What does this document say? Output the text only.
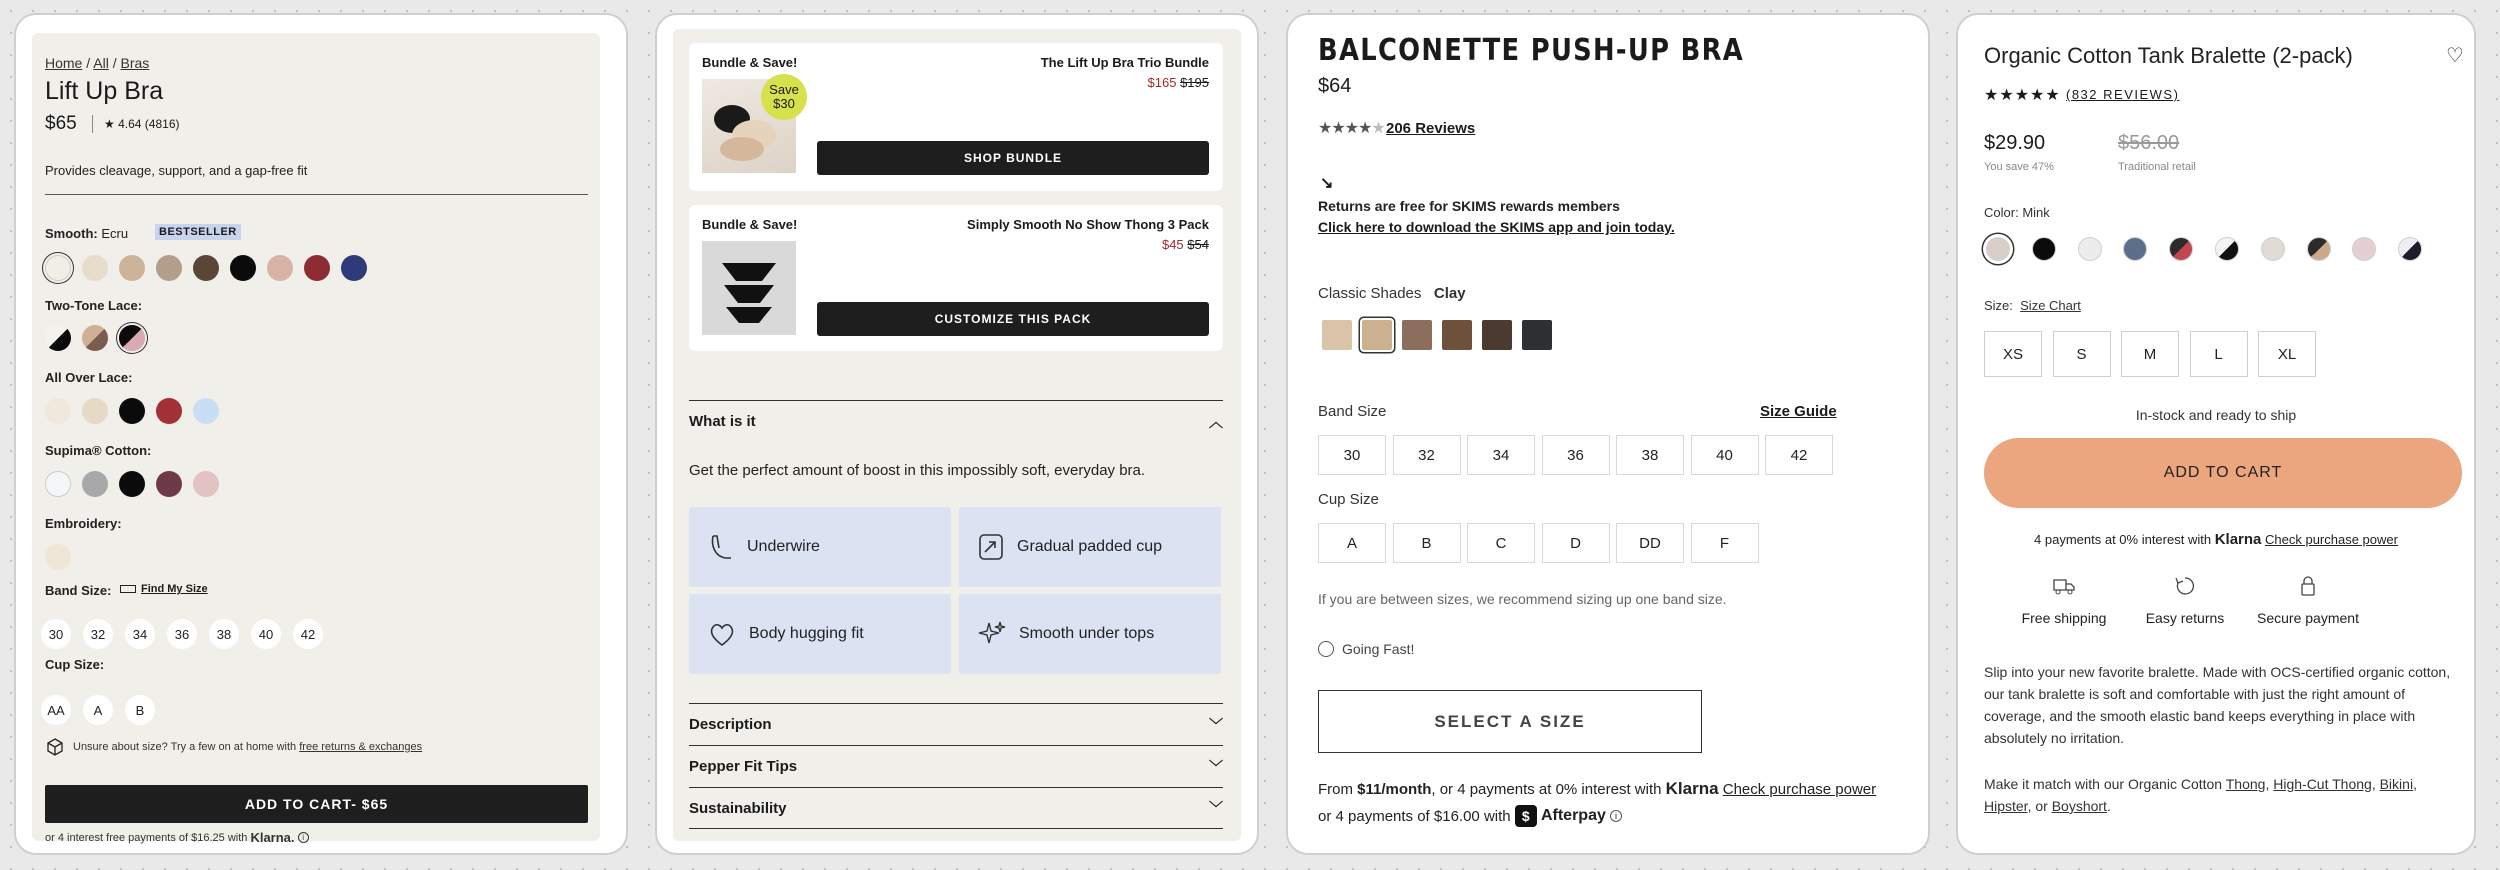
Home / All / Bras
Lift Up Bra
$65 ★ 4.64 (4816)
Provides cleavage, support, and a gap-free fit
Smooth: Ecru	BESTSELLER
Two-Tone Lace:
All Over Lace:
Supima® Cotton:
Embroidery:
Band Size:	Find My Size
Cup Size:
Unsure about size? Try a few on at home with
free returns & exchanges
ADD TO CART- $65
or 4 interest free payments of $16.25 with
Klarna.
i
30	32	34	36	38	40	42
AA	A	B
Bundle & Save!	The Lift Up Bra Trio Bundle
$165 $195
Save $30
SHOP BUNDLE
Bundle & Save!	Simply Smooth No Show Thong 3 Pack
$45 $54
CUSTOMIZE THIS PACK
What is it	︿
Get the perfect amount of boost in this impossibly soft, everyday bra.
Underwire	Gradual padded cup
Body hugging fit	Smooth under tops
Description	﹀
Pepper Fit Tips	﹀
Sustainability	﹀
BALCONETTE PUSH-UP BRA
$64
★★★★★ 206 Reviews
↘
Returns are free for SKIMS rewards members
Click here to download the SKIMS app and join today.
Classic Shades Clay
Band Size	Size Guide
Cup Size
If you are between sizes, we recommend sizing up one band size.
Going Fast!
SELECT A SIZE
From
$11/month , or 4 payments at 0% interest with
Klarna
Check purchase power
or 4 payments of $16.00 with
$
Afterpay
	i
30	32	34	36	38	40	42
A	B	C	D	DD	F
Organic Cotton Tank Bralette (2-pack)	♡
★★★★★ (832 REVIEWS)
$29.90
You save 47%
$56.00
Traditional retail
Color: Mink
Size: Size Chart
In-stock and ready to ship
ADD TO CART
4 payments at 0% interest with Klarna Check purchase power
Free shipping	Easy returns	Secure payment
Slip into your new favorite bralette. Made with OCS-certified organic cotton, our tank bralette is soft and comfortable with just the right amount of coverage, and the smooth elastic band keeps everything in place with absolutely no irritation.
Make it match with our Organic Cotton Thong, High-Cut Thong, Bikini, Hipster, or Boyshort.
XS	S	M	L	XL
